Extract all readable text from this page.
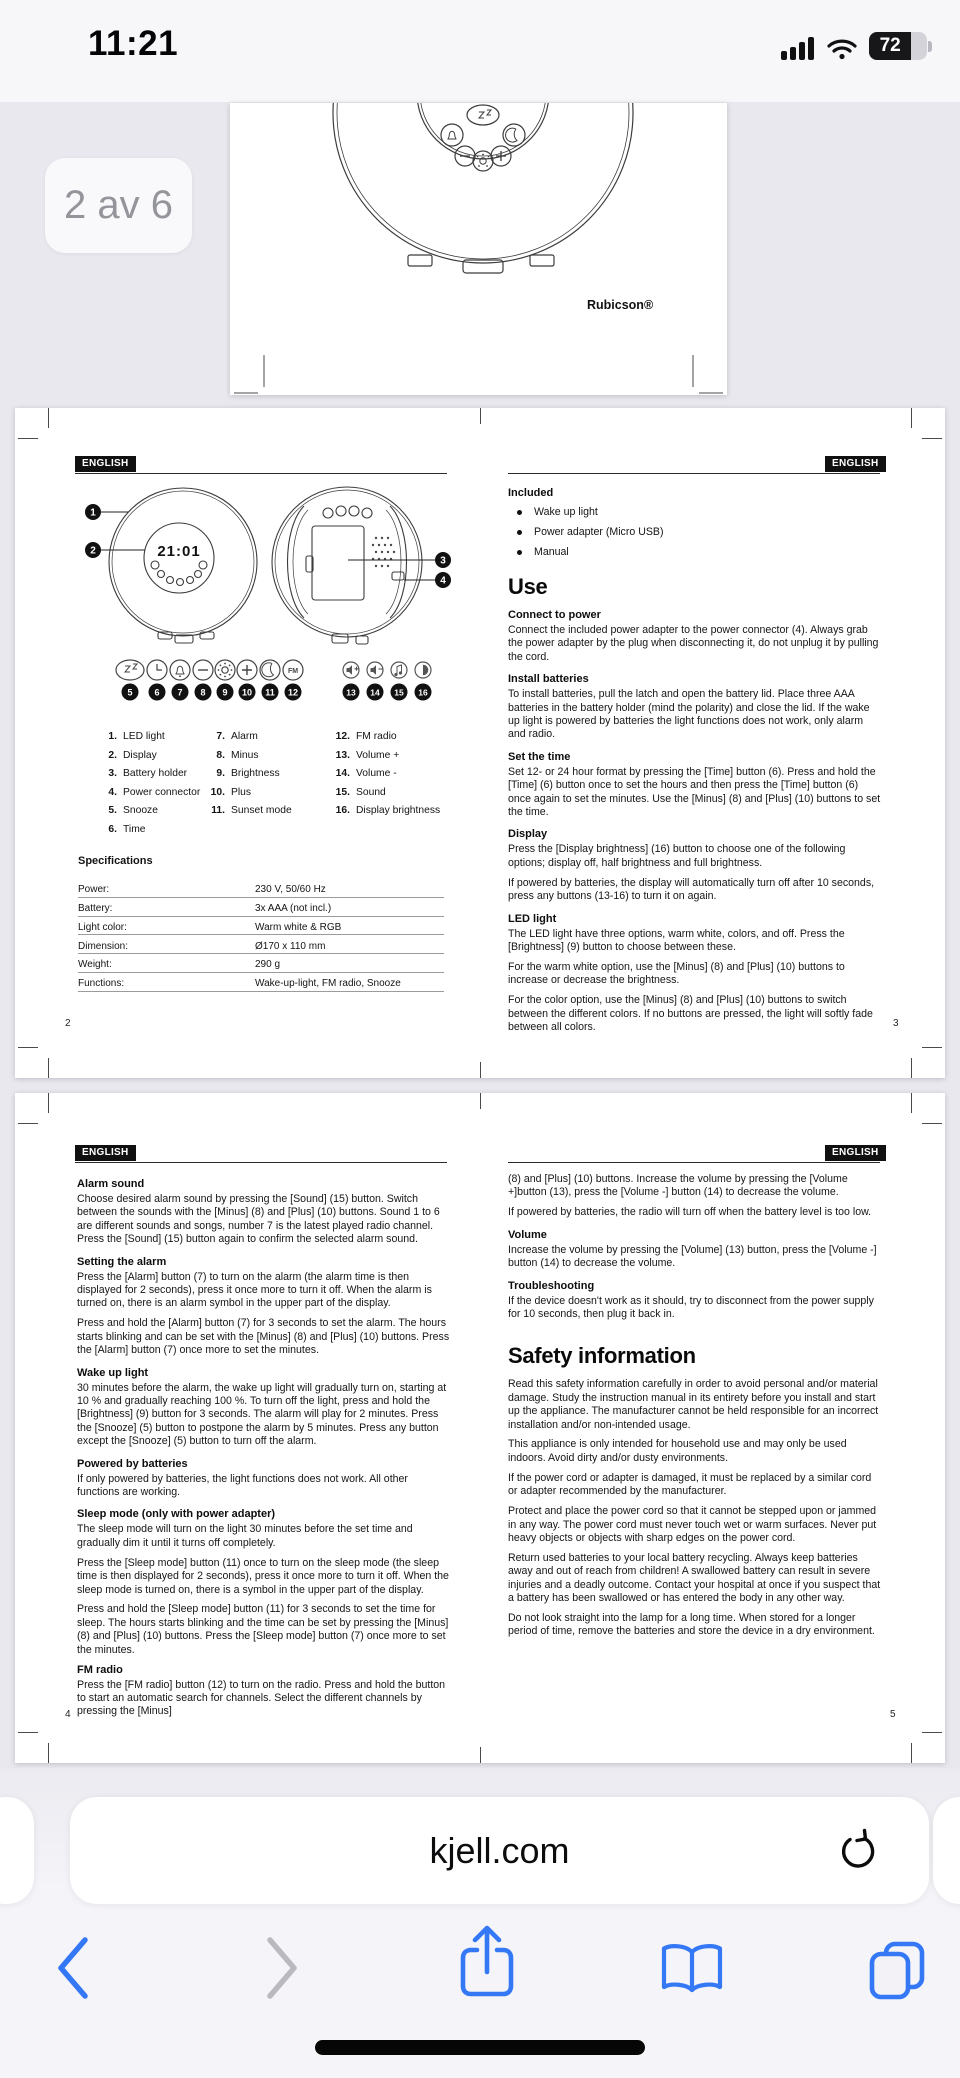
11:21	72
Rubicson®
2 av 6
ENGLISH
21:01
1
2
3
4
FM
5 6 7 8 9 10 11 12	13 14 15 16
1. LED light
2. Display
3. Battery holder
4. Power connector
5. Snooze
6. Time
7. Alarm
8. Minus
9. Brightness
10. Plus
11. Sunset mode
12. FM radio
13. Volume +
14. Volume -
15. Sound
16. Display brightness
Specifications
Power:	230 V, 50/60 Hz
Battery:	3x AAA (not incl.)
Light color:	Warm white & RGB
Dimension:	Ø170 x 110 mm
Weight:	290 g
Functions:	Wake-up-light, FM radio, Snooze
2
ENGLISH
Included
Wake up light
Power adapter (Micro USB)
Manual
Use
Connect to power

Connect the included power adapter to the power connector (4). Always grab the power adapter by the plug when disconnecting it, do not unplug it by pulling the cord.

Install batteries

To install batteries, pull the latch and open the battery lid. Place three AAA batteries in the battery holder (mind the polarity) and close the lid. If the wake up light is powered by batteries the light functions does not work, only alarm and radio.

Set the time

Set 12- or 24 hour format by pressing the [Time] button (6). Press and hold the [Time] (6) button once to set the hours and then press the [Time] button (6) once again to set the minutes. Use the [Minus] (8) and [Plus] (10) buttons to set the time.

Display

Press the [Display brightness] (16) button to choose one of the following options; display off, half brightness and full brightness.

If powered by batteries, the display will automatically turn off after 10 seconds, press any buttons (13-16) to turn it on again.

LED light

The LED light have three options, warm white, colors, and off. Press the [Brightness] (9) button to choose between these.

For the warm white option, use the [Minus] (8) and [Plus] (10) buttons to increase or decrease the brightness.

For the color option, use the [Minus] (8) and [Plus] (10) buttons to switch between the different colors. If no buttons are pressed, the light will softly fade between all colors.	3
ENGLISH
Alarm sound

Choose desired alarm sound by pressing the [Sound] (15) button. Switch between the sounds with the [Minus] (8) and [Plus] (10) buttons. Sound 1 to 6 are different sounds and songs, number 7 is the latest played radio channel. Press the [Sound] (15) button again to confirm the selected alarm sound.

Setting the alarm

Press the [Alarm] button (7) to turn on the alarm (the alarm time is then displayed for 2 seconds), press it once more to turn it off. When the alarm is turned on, there is an alarm symbol in the upper part of the display.

Press and hold the [Alarm] button (7) for 3 seconds to set the alarm. The hours starts blinking and can be set with the [Minus] (8) and [Plus] (10) buttons. Press the [Alarm] button (7) once more to set the minutes.

Wake up light

30 minutes before the alarm, the wake up light will gradually turn on, starting at 10 % and gradually reaching 100 %. To turn off the light, press and hold the [Brightness] (9) button for 3 seconds. The alarm will play for 2 minutes. Press the [Snooze] (5) button to postpone the alarm by 5 minutes. Press any button except the [Snooze] (5) button to turn off the alarm.

Powered by batteries

If only powered by batteries, the light functions does not work. All other functions are working.

Sleep mode (only with power adapter)

The sleep mode will turn on the light 30 minutes before the set time and gradually dim it until it turns off completely.

Press the [Sleep mode] button (11) once to turn on the sleep mode (the sleep time is then displayed for 2 seconds), press it once more to turn it off. When the sleep mode is turned on, there is a symbol in the upper part of the display.

Press and hold the [Sleep mode] button (11) for 3 seconds to set the time for sleep. The hours starts blinking and the time can be set by pressing the [Minus] (8) and [Plus] (10) buttons. Press the [Sleep mode] button (7) once more to set the minutes.

FM radio

Press the [FM radio] button (12) to turn on the radio. Press and hold the button to start an automatic search for channels. Select the different channels by pressing the [Minus]

4
ENGLISH

(8) and [Plus] (10) buttons. Increase the volume by pressing the [Volume +]button (13), press the [Volume -] button (14) to decrease the volume.

If powered by batteries, the radio will turn off when the battery level is too low.

Volume

Increase the volume by pressing the [Volume] (13) button, press the [Volume -] button (14) to decrease the volume.

Troubleshooting

If the device doesn't work as it should, try to disconnect from the power supply for 10 seconds, then plug it back in.

Safety information

Read this safety information carefully in order to avoid personal and/or material damage. Study the instruction manual in its entirety before you install and start up the appliance. The manufacturer cannot be held responsible for an incorrect installation and/or non-intended usage.

This appliance is only intended for household use and may only be used indoors. Avoid dirty and/or dusty environments.

If the power cord or adapter is damaged, it must be replaced by a similar cord or adapter recommended by the manufacturer.

Protect and place the power cord so that it cannot be stepped upon or jammed in any way. The power cord must never touch wet or warm surfaces. Never put heavy objects or objects with sharp edges on the power cord.

Return used batteries to your local battery recycling. Always keep batteries away and out of reach from children! A swallowed battery can result in severe injuries and a deadly outcome. Contact your hospital at once if you suspect that a battery has been swallowed or has entered the body in any other way.

Do not look straight into the lamp for a long time. When stored for a longer period of time, remove the batteries and store the device in a dry environment.

5
kjell.com
